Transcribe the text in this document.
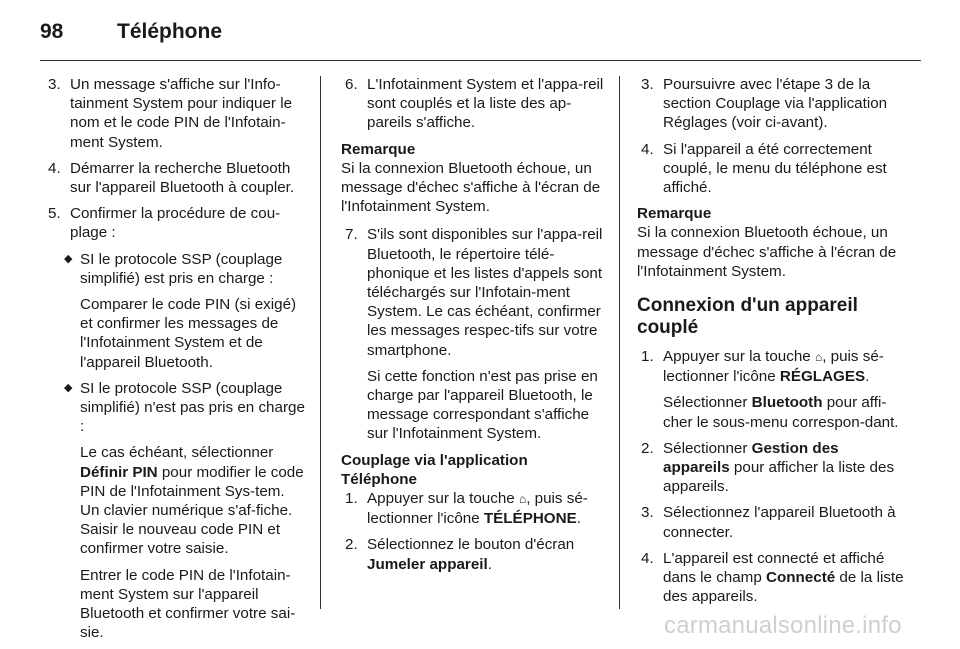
98	Téléphone
3. Un message s'affiche sur l'Info-tainment System pour indiquer le nom et le code PIN de l'Infotain-ment System.
4. Démarrer la recherche Bluetooth sur l'appareil Bluetooth à coupler.
5. Confirmer la procédure de cou-plage :
◆ SI le protocole SSP (couplage simplifié) est pris en charge :
Comparer le code PIN (si exigé) et confirmer les messages de l'Infotainment System et de l'appareil Bluetooth.
◆ SI le protocole SSP (couplage simplifié) n'est pas pris en charge :
Le cas échéant, sélectionner Définir PIN pour modifier le code PIN de l'Infotainment Sys-tem. Un clavier numérique s'af-fiche. Saisir le nouveau code PIN et confirmer votre saisie.
Entrer le code PIN de l'Infotain-ment System sur l'appareil Bluetooth et confirmer votre sai-sie.
6. L'Infotainment System et l'appa-reil sont couplés et la liste des ap-pareils s'affiche.
Remarque
Si la connexion Bluetooth échoue, un message d'échec s'affiche à l'écran de l'Infotainment System.
7. S'ils sont disponibles sur l'appa-reil Bluetooth, le répertoire télé-phonique et les listes d'appels sont téléchargés sur l'Infotain-ment System. Le cas échéant, confirmer les messages respec-tifs sur votre smartphone.
Si cette fonction n'est pas prise en charge par l'appareil Bluetooth, le message correspondant s'affiche sur l'Infotainment System.
Couplage via l'application Téléphone
1. Appuyer sur la touche ⌂, puis sé-lectionner l'icône TÉLÉPHONE.
2. Sélectionnez le bouton d'écran Jumeler appareil.
3. Poursuivre avec l'étape 3 de la section Couplage via l'application Réglages (voir ci-avant).
4. Si l'appareil a été correctement couplé, le menu du téléphone est affiché.
Remarque
Si la connexion Bluetooth échoue, un message d'échec s'affiche à l'écran de l'Infotainment System.
Connexion d'un appareil couplé
1. Appuyer sur la touche ⌂, puis sé-lectionner l'icône RÉGLAGES.
Sélectionner Bluetooth pour affi-cher le sous-menu correspon-dant.
2. Sélectionner Gestion des appareils pour afficher la liste des appareils.
3. Sélectionnez l'appareil Bluetooth à connecter.
4. L'appareil est connecté et affiché dans le champ Connecté de la liste des appareils.
carmanualsonline.info
